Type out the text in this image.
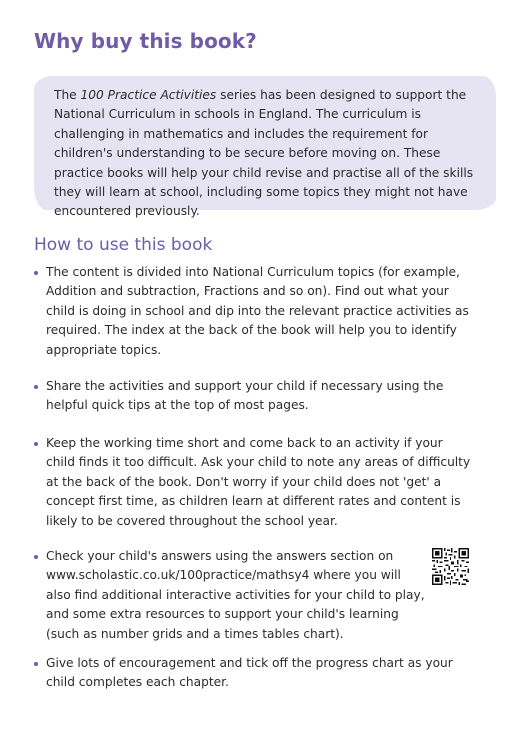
Why buy this book?

The 100 Practice Activities series has been designed to support the National Curriculum in schools in England. The curriculum is challenging in mathematics and includes the requirement for children's understanding to be secure before moving on. These practice books will help your child revise and practise all of the skills they will learn at school, including some topics they might not have encountered previously.

How to use this book

The content is divided into National Curriculum topics (for example, Addition and subtraction, Fractions and so on). Find out what your child is doing in school and dip into the relevant practice activities as required. The index at the back of the book will help you to identify appropriate topics.

Share the activities and support your child if necessary using the helpful quick tips at the top of most pages.

Keep the working time short and come back to an activity if your child finds it too difficult. Ask your child to note any areas of difficulty at the back of the book. Don't worry if your child does not 'get' a concept first time, as children learn at different rates and content is likely to be covered throughout the school year.

Check your child's answers using the answers section on www.scholastic.co.uk/100practice/mathsy4 where you will also find additional interactive activities for your child to play, and some extra resources to support your child's learning (such as number grids and a times tables chart).

Give lots of encouragement and tick off the progress chart as your child completes each chapter.
